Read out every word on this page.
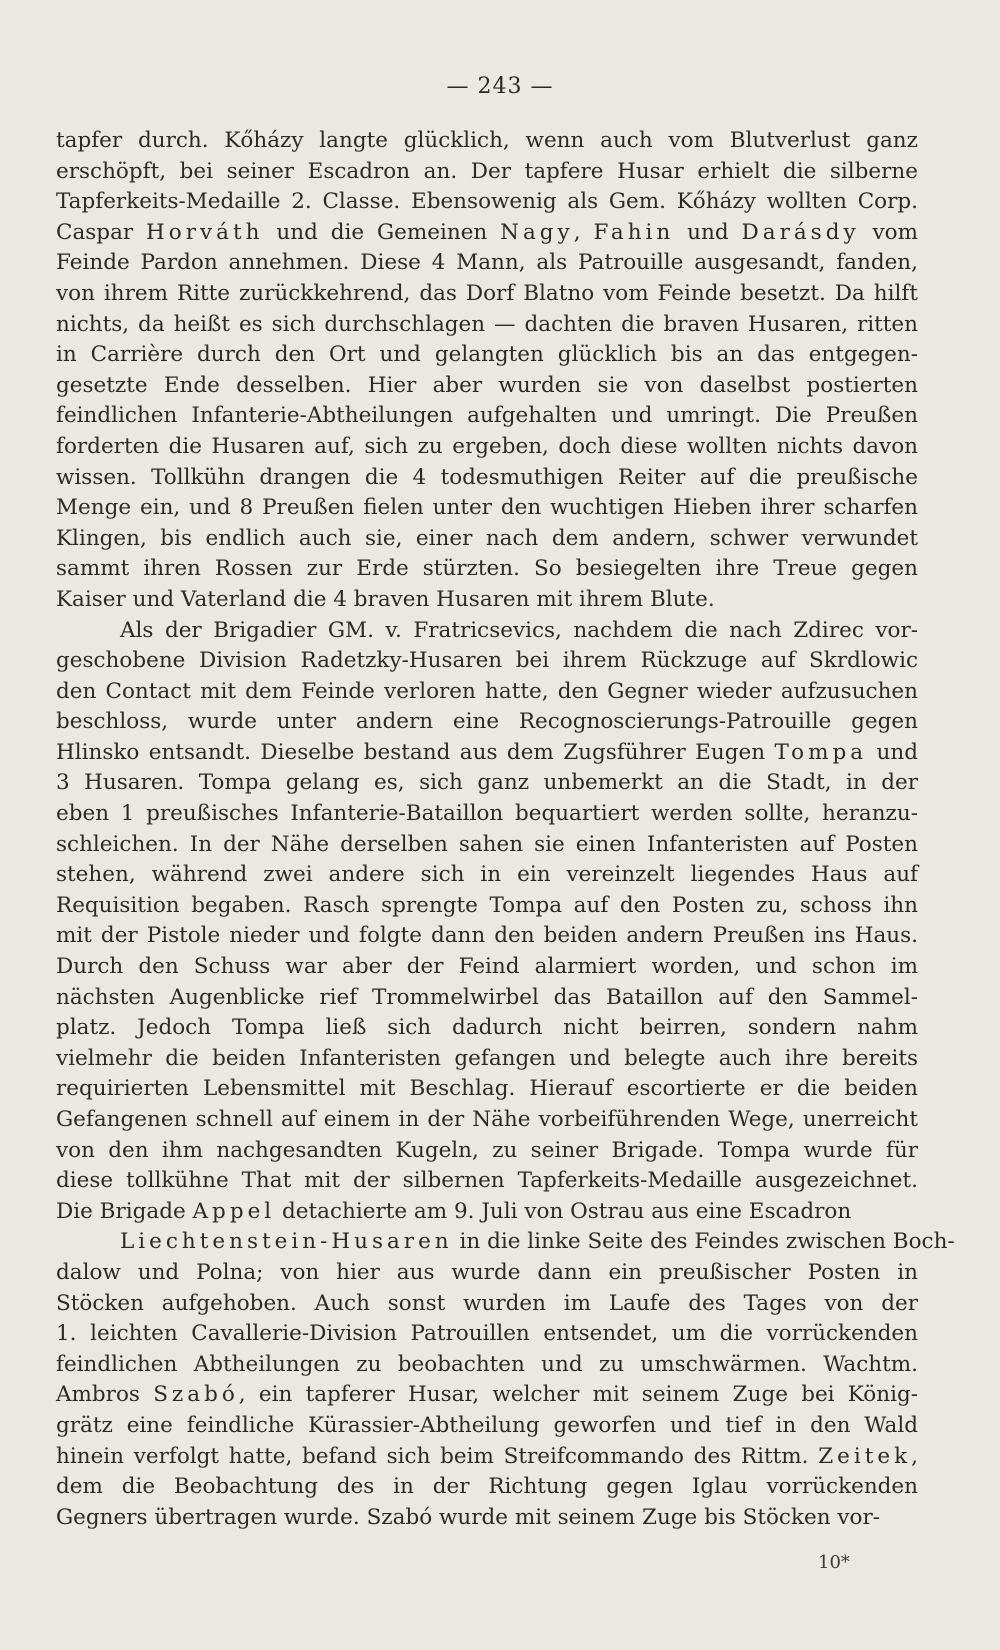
— 243 —
tapfer durch. Kőházy langte glücklich, wenn auch vom Blutverlust ganz
erschöpft, bei seiner Escadron an. Der tapfere Husar erhielt die silberne
Tapferkeits-Medaille 2. Classe. Ebensowenig als Gem. Kőházy wollten Corp.
Caspar Horváth und die Gemeinen Nagy, Fahin und Darásdy vom
Feinde Pardon annehmen. Diese 4 Mann, als Patrouille ausgesandt, fanden,
von ihrem Ritte zurückkehrend, das Dorf Blatno vom Feinde besetzt. Da hilft
nichts, da heißt es sich durchschlagen — dachten die braven Husaren, ritten
in Carrière durch den Ort und gelangten glücklich bis an das entgegen-
gesetzte Ende desselben. Hier aber wurden sie von daselbst postierten
feindlichen Infanterie-Abtheilungen aufgehalten und umringt. Die Preußen
forderten die Husaren auf, sich zu ergeben, doch diese wollten nichts davon
wissen. Tollkühn drangen die 4 todesmuthigen Reiter auf die preußische
Menge ein, und 8 Preußen fielen unter den wuchtigen Hieben ihrer scharfen
Klingen, bis endlich auch sie, einer nach dem andern, schwer verwundet
sammt ihren Rossen zur Erde stürzten. So besiegelten ihre Treue gegen
Kaiser und Vaterland die 4 braven Husaren mit ihrem Blute.
Als der Brigadier GM. v. Fratricsevics, nachdem die nach Zdirec vor-
geschobene Division Radetzky-Husaren bei ihrem Rückzuge auf Skrdlowic
den Contact mit dem Feinde verloren hatte, den Gegner wieder aufzusuchen
beschloss, wurde unter andern eine Recognoscierungs-Patrouille gegen
Hlinsko entsandt. Dieselbe bestand aus dem Zugsführer Eugen Tompa und
3 Husaren. Tompa gelang es, sich ganz unbemerkt an die Stadt, in der
eben 1 preußisches Infanterie-Bataillon bequartiert werden sollte, heranzu-
schleichen. In der Nähe derselben sahen sie einen Infanteristen auf Posten
stehen, während zwei andere sich in ein vereinzelt liegendes Haus auf
Requisition begaben. Rasch sprengte Tompa auf den Posten zu, schoss ihn
mit der Pistole nieder und folgte dann den beiden andern Preußen ins Haus.
Durch den Schuss war aber der Feind alarmiert worden, und schon im
nächsten Augenblicke rief Trommelwirbel das Bataillon auf den Sammel-
platz. Jedoch Tompa ließ sich dadurch nicht beirren, sondern nahm
vielmehr die beiden Infanteristen gefangen und belegte auch ihre bereits
requirierten Lebensmittel mit Beschlag. Hierauf escortierte er die beiden
Gefangenen schnell auf einem in der Nähe vorbeiführenden Wege, unerreicht
von den ihm nachgesandten Kugeln, zu seiner Brigade. Tompa wurde für
diese tollkühne That mit der silbernen Tapferkeits-Medaille ausgezeichnet.
Die Brigade Appel detachierte am 9. Juli von Ostrau aus eine Escadron
Liechtenstein-Husaren in die linke Seite des Feindes zwischen Boch-
dalow und Polna; von hier aus wurde dann ein preußischer Posten in
Stöcken aufgehoben. Auch sonst wurden im Laufe des Tages von der
1. leichten Cavallerie-Division Patrouillen entsendet, um die vorrückenden
feindlichen Abtheilungen zu beobachten und zu umschwärmen. Wachtm.
Ambros Szabó, ein tapferer Husar, welcher mit seinem Zuge bei König-
grätz eine feindliche Kürassier-Abtheilung geworfen und tief in den Wald
hinein verfolgt hatte, befand sich beim Streifcommando des Rittm. Zeitek,
dem die Beobachtung des in der Richtung gegen Iglau vorrückenden
Gegners übertragen wurde. Szabó wurde mit seinem Zuge bis Stöcken vor-
10*
